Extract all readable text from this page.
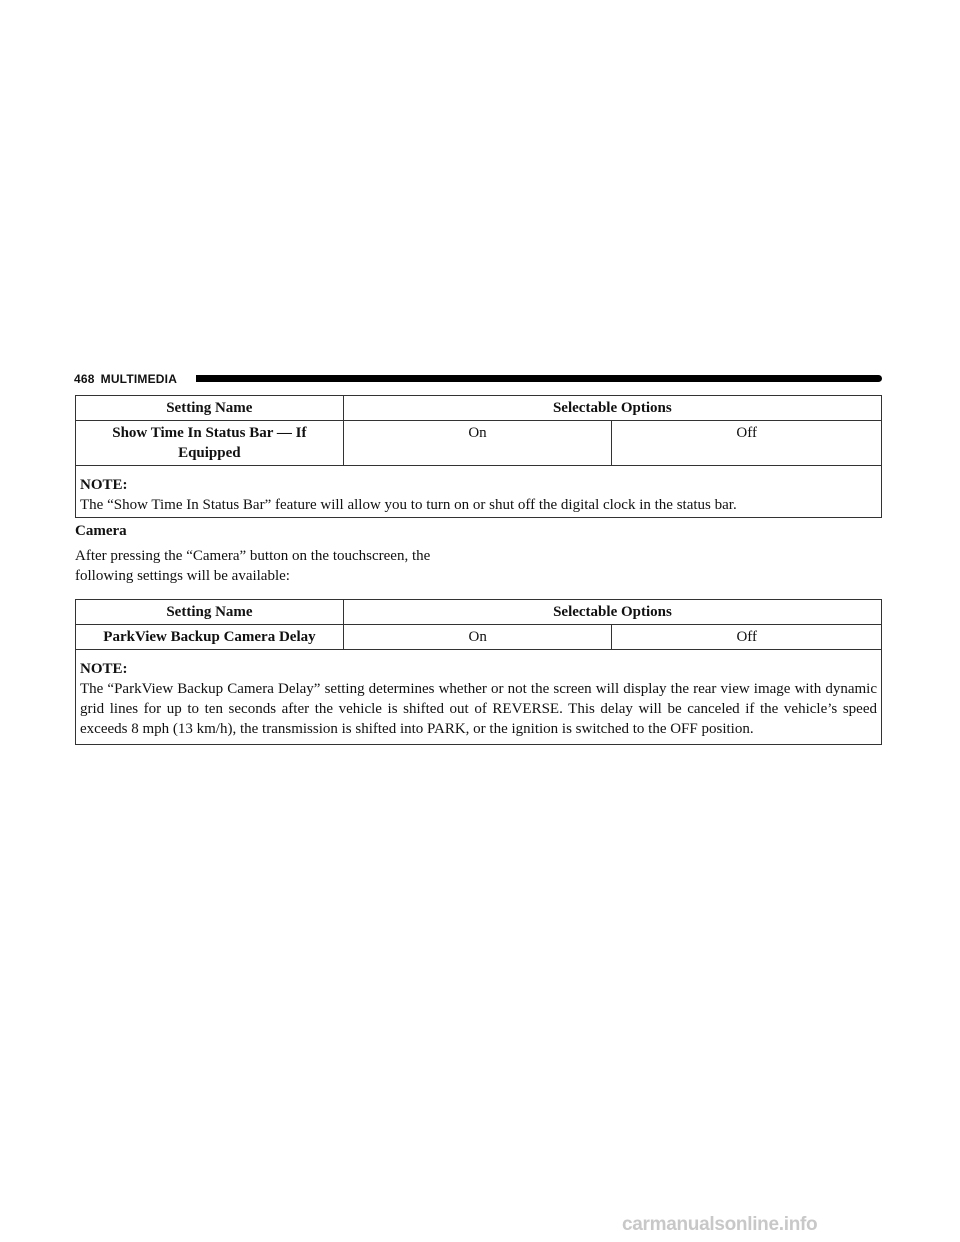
468 MULTIMEDIA
Setting Name	Selectable Options	
Show Time In Status Bar — If Equipped	On	Off

NOTE:

The “Show Time In Status Bar” feature will allow you to turn on or shut off the digital clock in the status bar.		

Camera

After pressing the “Camera” button on the touchscreen, the following settings will be available:

Setting Name	Selectable Options	
ParkView Backup Camera Delay	On	Off

NOTE:

The “ParkView Backup Camera Delay” setting determines whether or not the screen will display the rear view image with dynamic grid lines for up to ten seconds after the vehicle is shifted out of REVERSE. This delay will be canceled if the vehicle’s speed exceeds 8 mph (13 km/h), the transmission is shifted into PARK, or the ignition is switched to the OFF position.		

carmanualsonline.info
